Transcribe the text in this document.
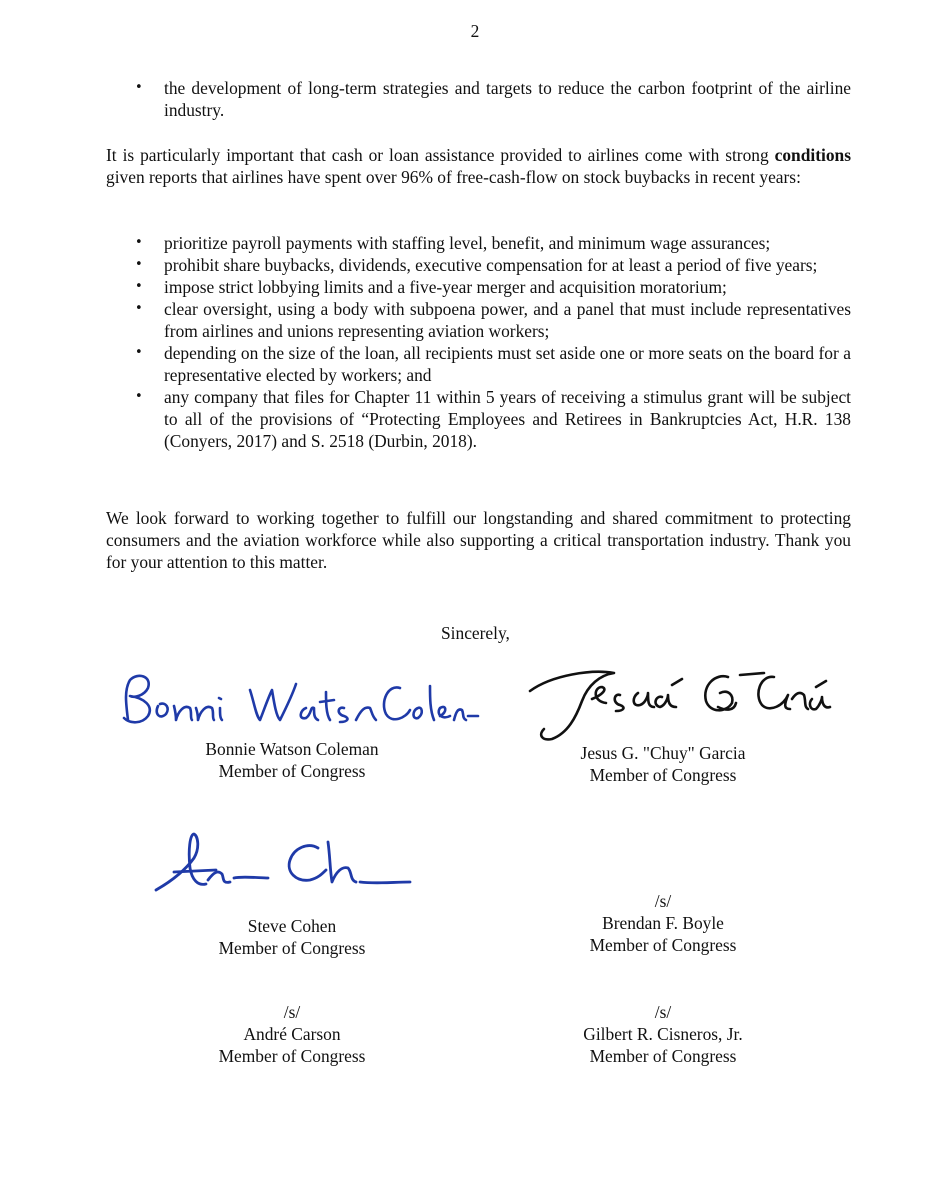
2
• the development of long-term strategies and targets to reduce the carbon footprint of the airline industry.

It is particularly important that cash or loan assistance provided to airlines come with strong conditions given reports that airlines have spent over 96% of free-cash-flow on stock buybacks in recent years:

• prioritize payroll payments with staffing level, benefit, and minimum wage assurances;
• prohibit share buybacks, dividends, executive compensation for at least a period of five years;
• impose strict lobbying limits and a five-year merger and acquisition moratorium;
• clear oversight, using a body with subpoena power, and a panel that must include representatives from airlines and unions representing aviation workers;
• depending on the size of the loan, all recipients must set aside one or more seats on the board for a representative elected by workers; and
• any company that files for Chapter 11 within 5 years of receiving a stimulus grant will be subject to all of the provisions of “Protecting Employees and Retirees in Bankruptcies Act, H.R. 138 (Conyers, 2017) and S. 2518 (Durbin, 2018).

We look forward to working together to fulfill our longstanding and shared commitment to protecting consumers and the aviation workforce while also supporting a critical transportation industry. Thank you for your attention to this matter.

Sincerely,
Bonnie Watson Coleman
Member of Congress
Jesus G. "Chuy" Garcia
Member of Congress
Steve Cohen
Member of Congress
/s/
Brendan F. Boyle
Member of Congress
/s/
André Carson
Member of Congress
/s/
Gilbert R. Cisneros, Jr.
Member of Congress
